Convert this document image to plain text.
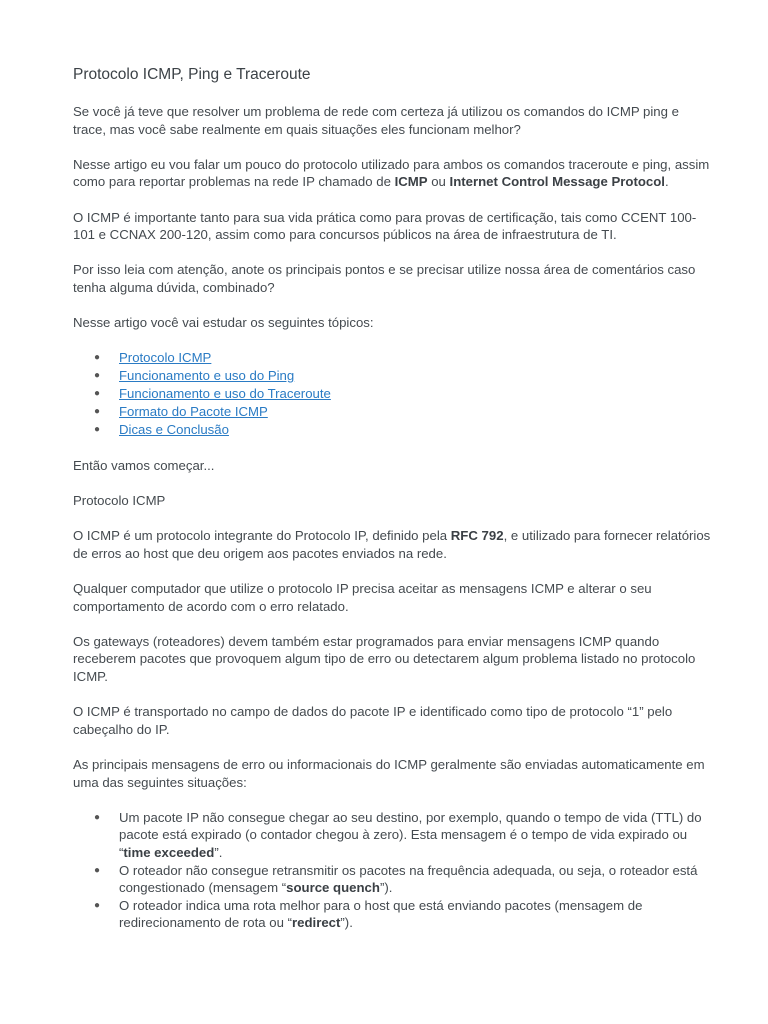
Protocolo ICMP, Ping e Traceroute

Se você já teve que resolver um problema de rede com certeza já utilizou os comandos do ICMP ping e trace, mas você sabe realmente em quais situações eles funcionam melhor?

Nesse artigo eu vou falar um pouco do protocolo utilizado para ambos os comandos traceroute e ping, assim como para reportar problemas na rede IP chamado de ICMP ou Internet Control Message Protocol.

O ICMP é importante tanto para sua vida prática como para provas de certificação, tais como CCENT 100-101 e CCNAX 200-120, assim como para concursos públicos na área de infraestrutura de TI.

Por isso leia com atenção, anote os principais pontos e se precisar utilize nossa área de comentários caso tenha alguma dúvida, combinado?

Nesse artigo você vai estudar os seguintes tópicos:

● Protocolo ICMP
● Funcionamento e uso do Ping
● Funcionamento e uso do Traceroute
● Formato do Pacote ICMP
● Dicas e Conclusão

Então vamos começar...

Protocolo ICMP

O ICMP é um protocolo integrante do Protocolo IP, definido pela RFC 792, e utilizado para fornecer relatórios de erros ao host que deu origem aos pacotes enviados na rede.

Qualquer computador que utilize o protocolo IP precisa aceitar as mensagens ICMP e alterar o seu comportamento de acordo com o erro relatado.

Os gateways (roteadores) devem também estar programados para enviar mensagens ICMP quando receberem pacotes que provoquem algum tipo de erro ou detectarem algum problema listado no protocolo ICMP.

O ICMP é transportado no campo de dados do pacote IP e identificado como tipo de protocolo “1” pelo cabeçalho do IP.

As principais mensagens de erro ou informacionais do ICMP geralmente são enviadas automaticamente em uma das seguintes situações:

● Um pacote IP não consegue chegar ao seu destino, por exemplo, quando o tempo de vida (TTL) do pacote está expirado (o contador chegou à zero). Esta mensagem é o tempo de vida expirado ou “time exceeded”.
● O roteador não consegue retransmitir os pacotes na frequência adequada, ou seja, o roteador está congestionado (mensagem “source quench”).
● O roteador indica uma rota melhor para o host que está enviando pacotes (mensagem de redirecionamento de rota ou “redirect”).
